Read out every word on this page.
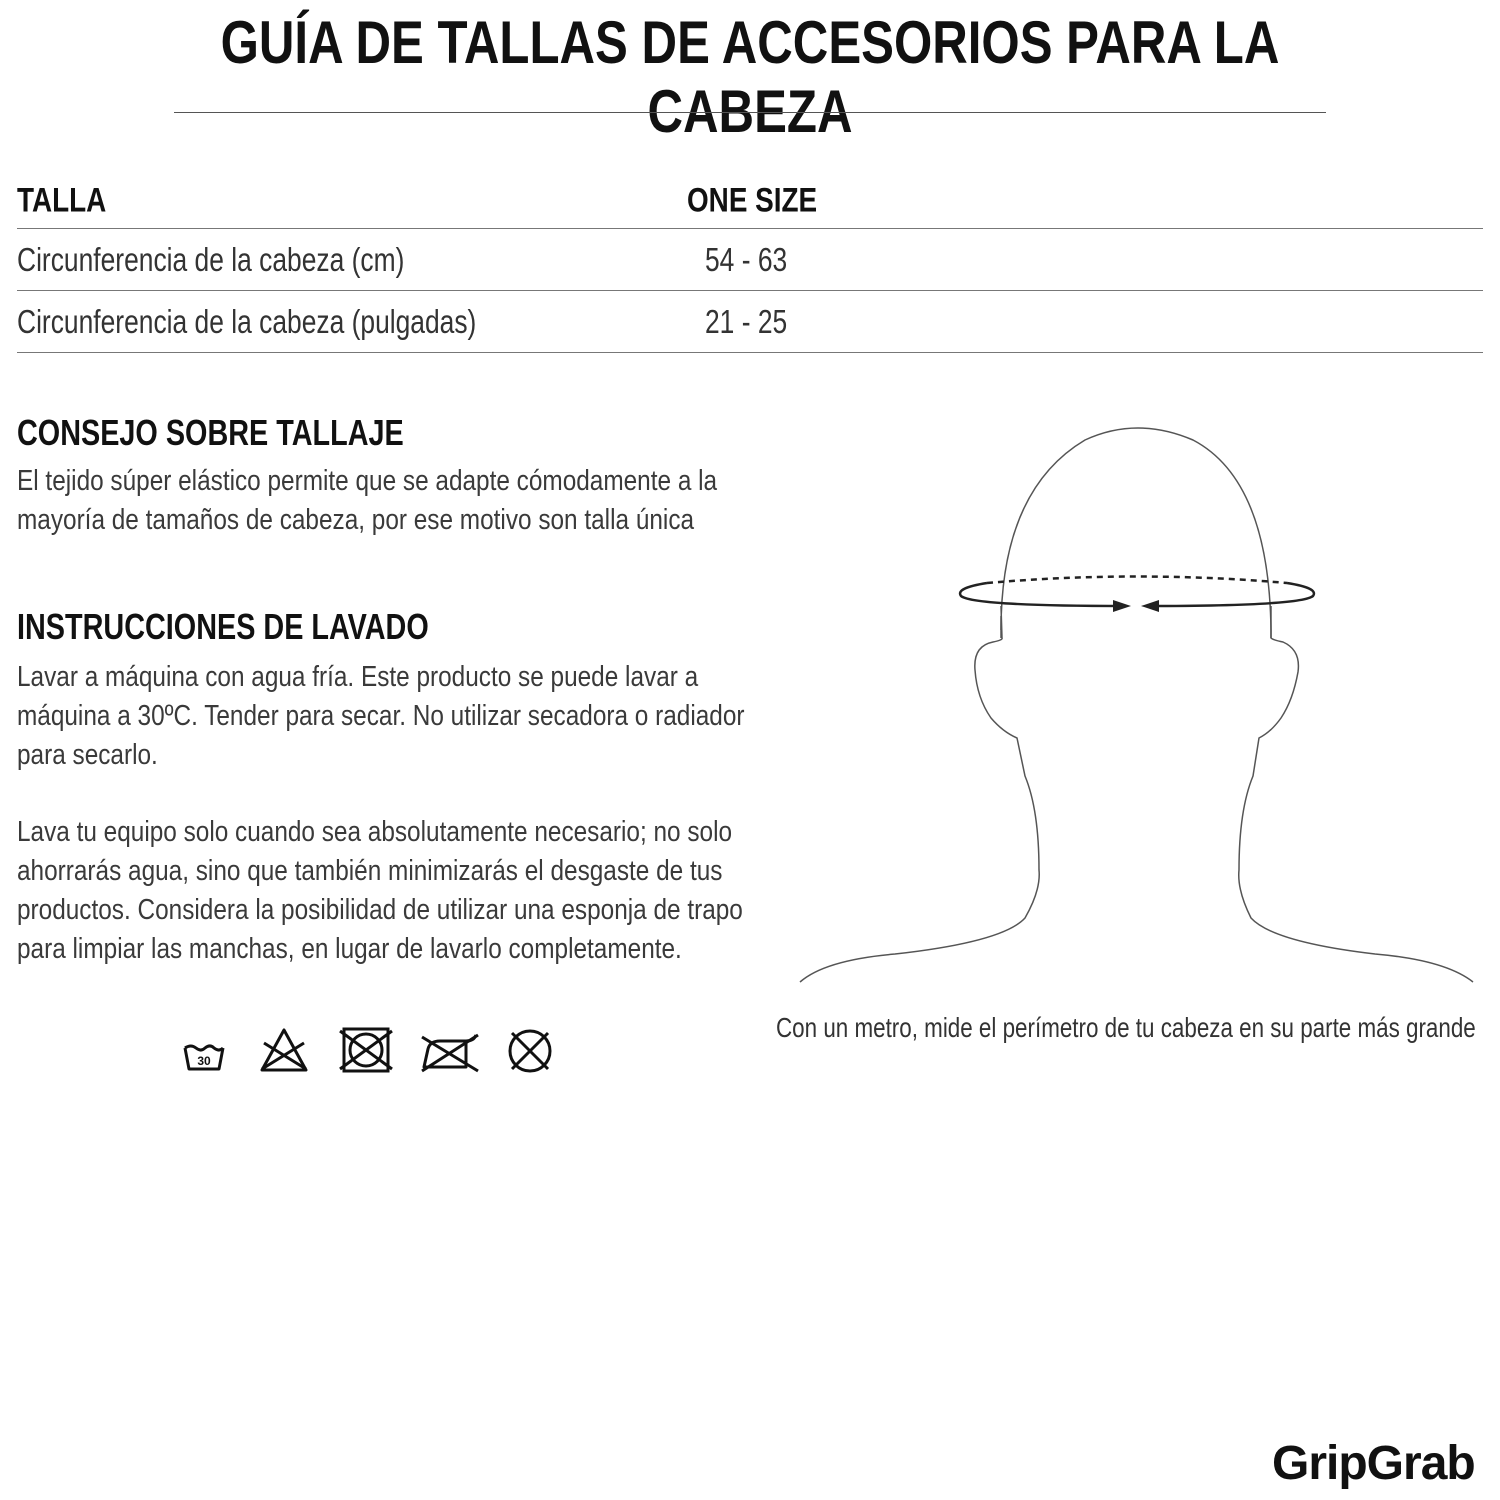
GUÍA DE TALLAS DE ACCESORIOS PARA LA CABEZA
TALLA	ONE SIZE
Circunferencia de la cabeza (cm)	54 - 63
Circunferencia de la cabeza (pulgadas)	21 - 25
CONSEJO SOBRE TALLAJE
El tejido súper elástico permite que se adapte cómodamente a la
mayoría de tamaños de cabeza, por ese motivo son talla única
INSTRUCCIONES DE LAVADO
Lavar a máquina con agua fría. Este producto se puede lavar a
máquina a 30ºC. Tender para secar. No utilizar secadora o radiador
para secarlo.
Lava tu equipo solo cuando sea absolutamente necesario; no solo
ahorrarás agua, sino que también minimizarás el desgaste de tus
productos. Considera la posibilidad de utilizar una esponja de trapo
para limpiar las manchas, en lugar de lavarlo completamente.
30
Con un metro, mide el perímetro de tu cabeza en su parte más grande
GripGrab
